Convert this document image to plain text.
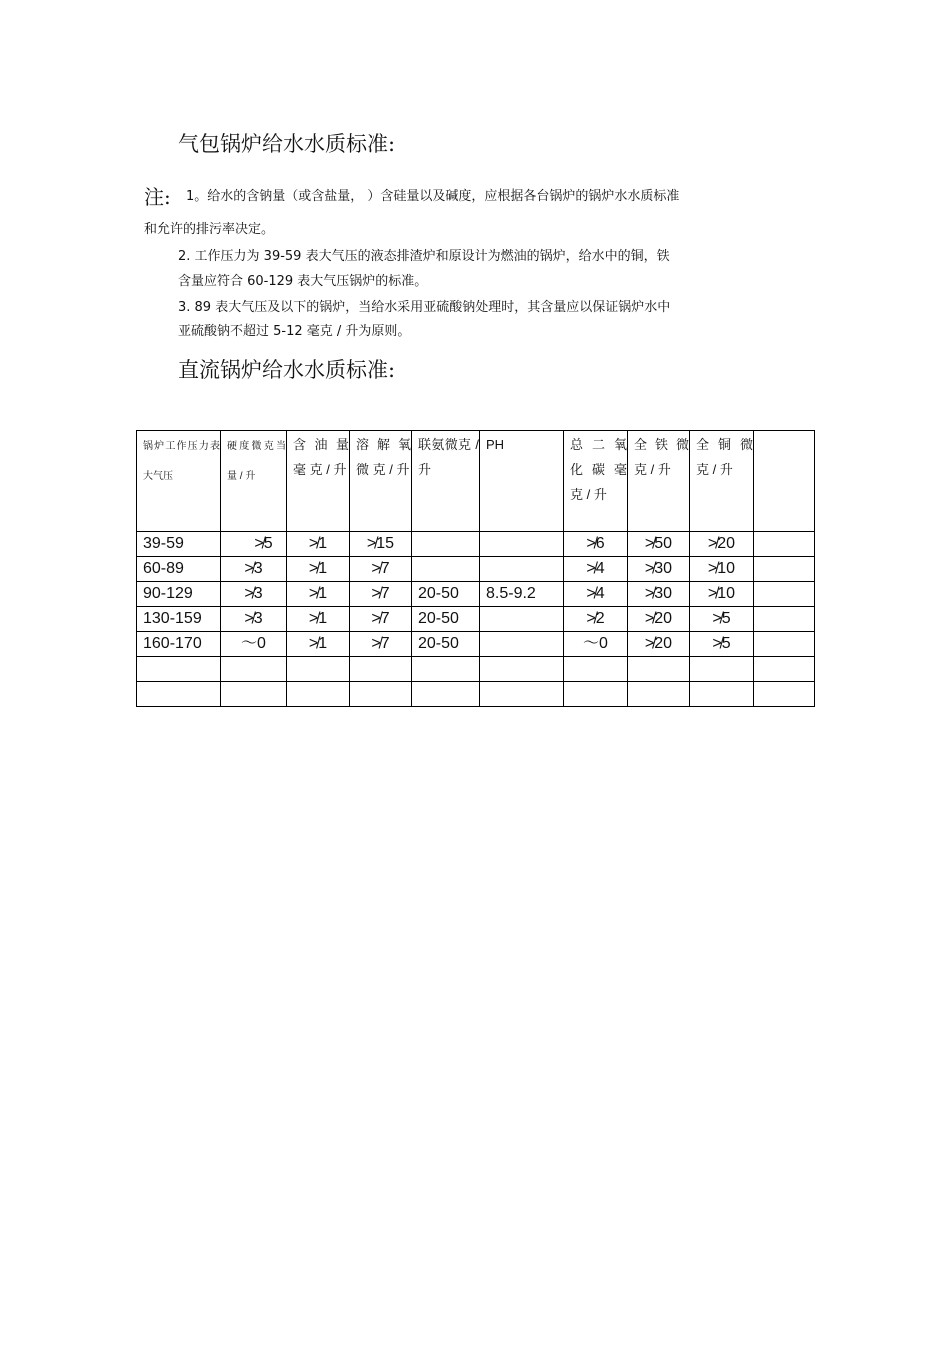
气包锅炉给水水质标准:
注: 1。给水的含钠量（或含盐量， ）含硅量以及碱度，应根据各台锅炉的锅炉水水质标准
和允许的排污率决定。
2. 工作压力为 39-59 表大气压的液态排渣炉和原设计为燃油的锅炉，给水中的铜，铁
含量应符合 60-129 表大气压锅炉的标准。
3. 89 表大气压及以下的锅炉，当给水采用亚硫酸钠处理时，其含量应以保证锅炉水中
亚硫酸钠不超过 5-12 毫克 / 升为原则。
直流锅炉给水水质标准:
锅炉工作压力表大气压	硬度微克当量 / 升	含 油 量 毫 克 / 升	溶 解 氧 微 克 / 升	联氨微克 / 升	PH	总 二 氧 化 碳 毫 克 / 升	全 铁 微克 / 升	全 铜 微克 / 升	
39-59	≯5	≯1	≯15			≯6	≯50	≯20	
60-89	≯3	≯1	≯7			≯4	≯30	≯10	
90-129	≯3	≯1	≯7	20-50	8.5-9.2	≯4	≯30	≯10	
130-159	≯3	≯1	≯7	20-50		≯2	≯20	≯5	
160-170	～0	≯1	≯7	20-50		～0	≯20	≯5	
